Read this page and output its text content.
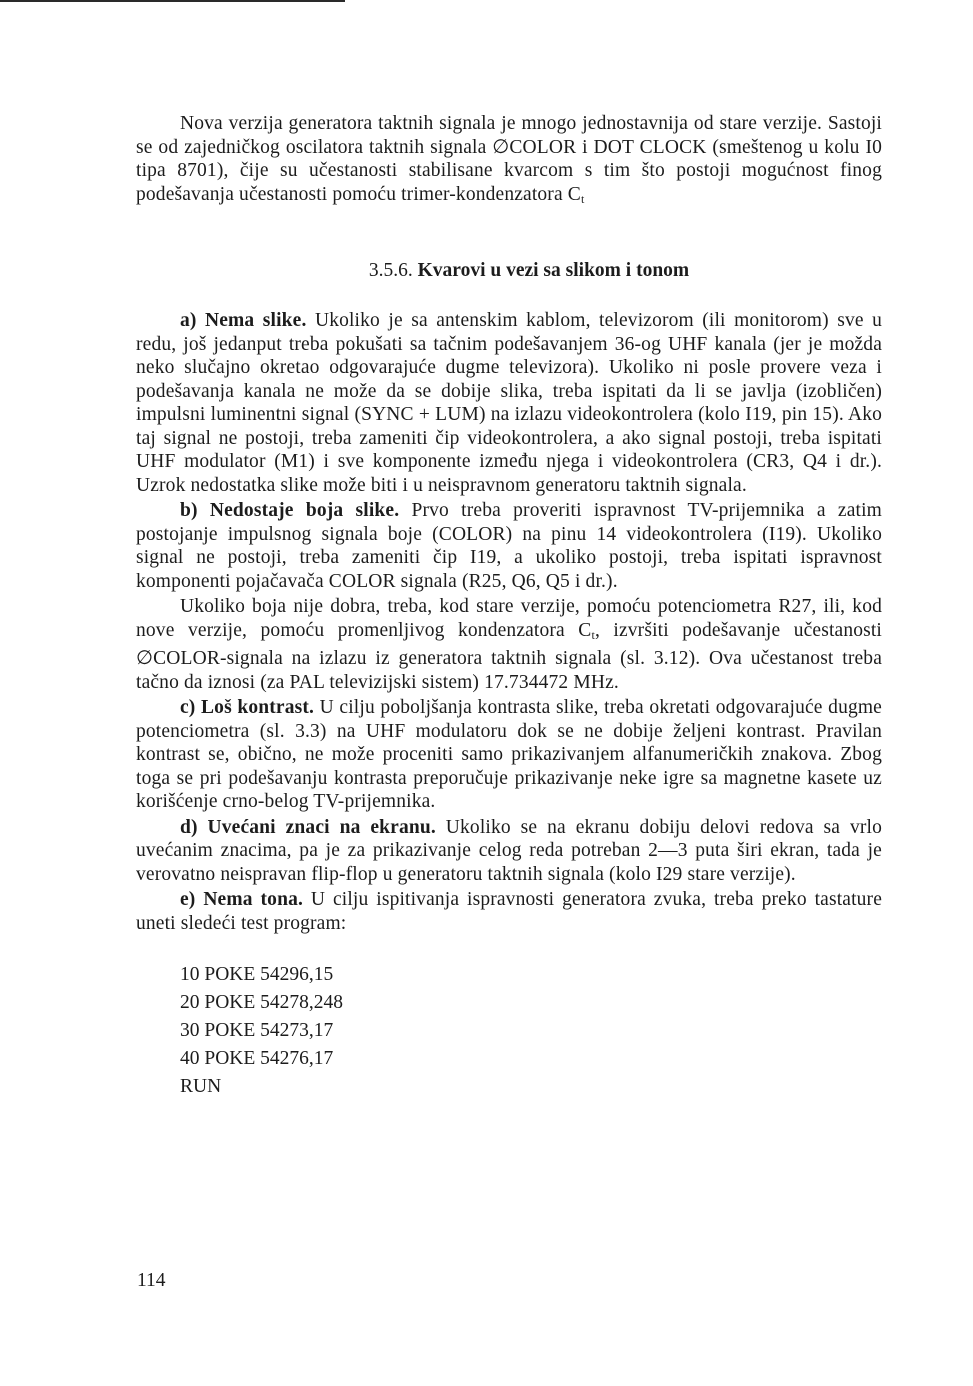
Nova verzija generatora taktnih signala je mnogo jednostavnija od stare verzije. Sastoji se od zajedničkog oscilatora taktnih signala ∅COLOR i DOT CLOCK (smeštenog u kolu I0 tipa 8701), čije su učestanosti stabilisane kvarcom s tim što postoji mogućnost finog podešavanja učestanosti pomoću trimer-kondenzatora $C_t$

3.5.6. Kvarovi u vezi sa slikom i tonom

a) Nema slike. Ukoliko je sa antenskim kablom, televizorom (ili monitorom) sve u redu, još jedanput treba pokušati sa tačnim podešavanjem 36-og UHF kanala (jer je možda neko slučajno okretao odgovarajuće dugme televizora). Ukoliko ni posle provere veza i podešavanja kanala ne može da se dobije slika, treba ispitati da li se javlja (izobličen) impulsni luminentni signal (SYNC + LUM) na izlazu videokontrolera (kolo I19, pin 15). Ako taj signal ne postoji, treba zameniti čip videokontrolera, a ako signal postoji, treba ispitati UHF modulator (M1) i sve komponente između njega i videokontrolera (CR3, Q4 i dr.). Uzrok nedostatka slike može biti i u neispravnom generatoru taktnih signala.

b) Nedostaje boja slike. Prvo treba proveriti ispravnost TV-prijemnika a zatim postojanje impulsnog signala boje (COLOR) na pinu 14 videokontrolera (I19). Ukoliko signal ne postoji, treba zameniti čip I19, a ukoliko postoji, treba ispitati ispravnost komponenti pojačavača COLOR signala (R25, Q6, Q5 i dr.).

Ukoliko boja nije dobra, treba, kod stare verzije, pomoću potenciometra R27, ili, kod nove verzije, pomoću promenljivog kondenzatora $C_t$, izvršiti podešavanje učestanosti ∅COLOR-signala na izlazu iz generatora taktnih signala (sl. 3.12). Ova učestanost treba tačno da iznosi (za PAL televizijski sistem) 17.734472 MHz.

c) Loš kontrast. U cilju poboljšanja kontrasta slike, treba okretati odgovarajuće dugme potenciometra (sl. 3.3) na UHF modulatoru dok se ne dobije željeni kontrast. Pravilan kontrast se, obično, ne može proceniti samo prikazivanjem alfanumeričkih znakova. Zbog toga se pri podešavanju kontrasta preporučuje prikazivanje neke igre sa magnetne kasete uz korišćenje crno-belog TV-prijemnika.

d) Uvećani znaci na ekranu. Ukoliko se na ekranu dobiju delovi redova sa vrlo uvećanim znacima, pa je za prikazivanje celog reda potreban 2—3 puta širi ekran, tada je verovatno neispravan flip-flop u generatoru taktnih signala (kolo I29 stare verzije).

e) Nema tona. U cilju ispitivanja ispravnosti generatora zvuka, treba preko tastature uneti sledeći test program:

10 POKE 54296,15
20 POKE 54278,248
30 POKE 54273,17
40 POKE 54276,17
RUN
114
